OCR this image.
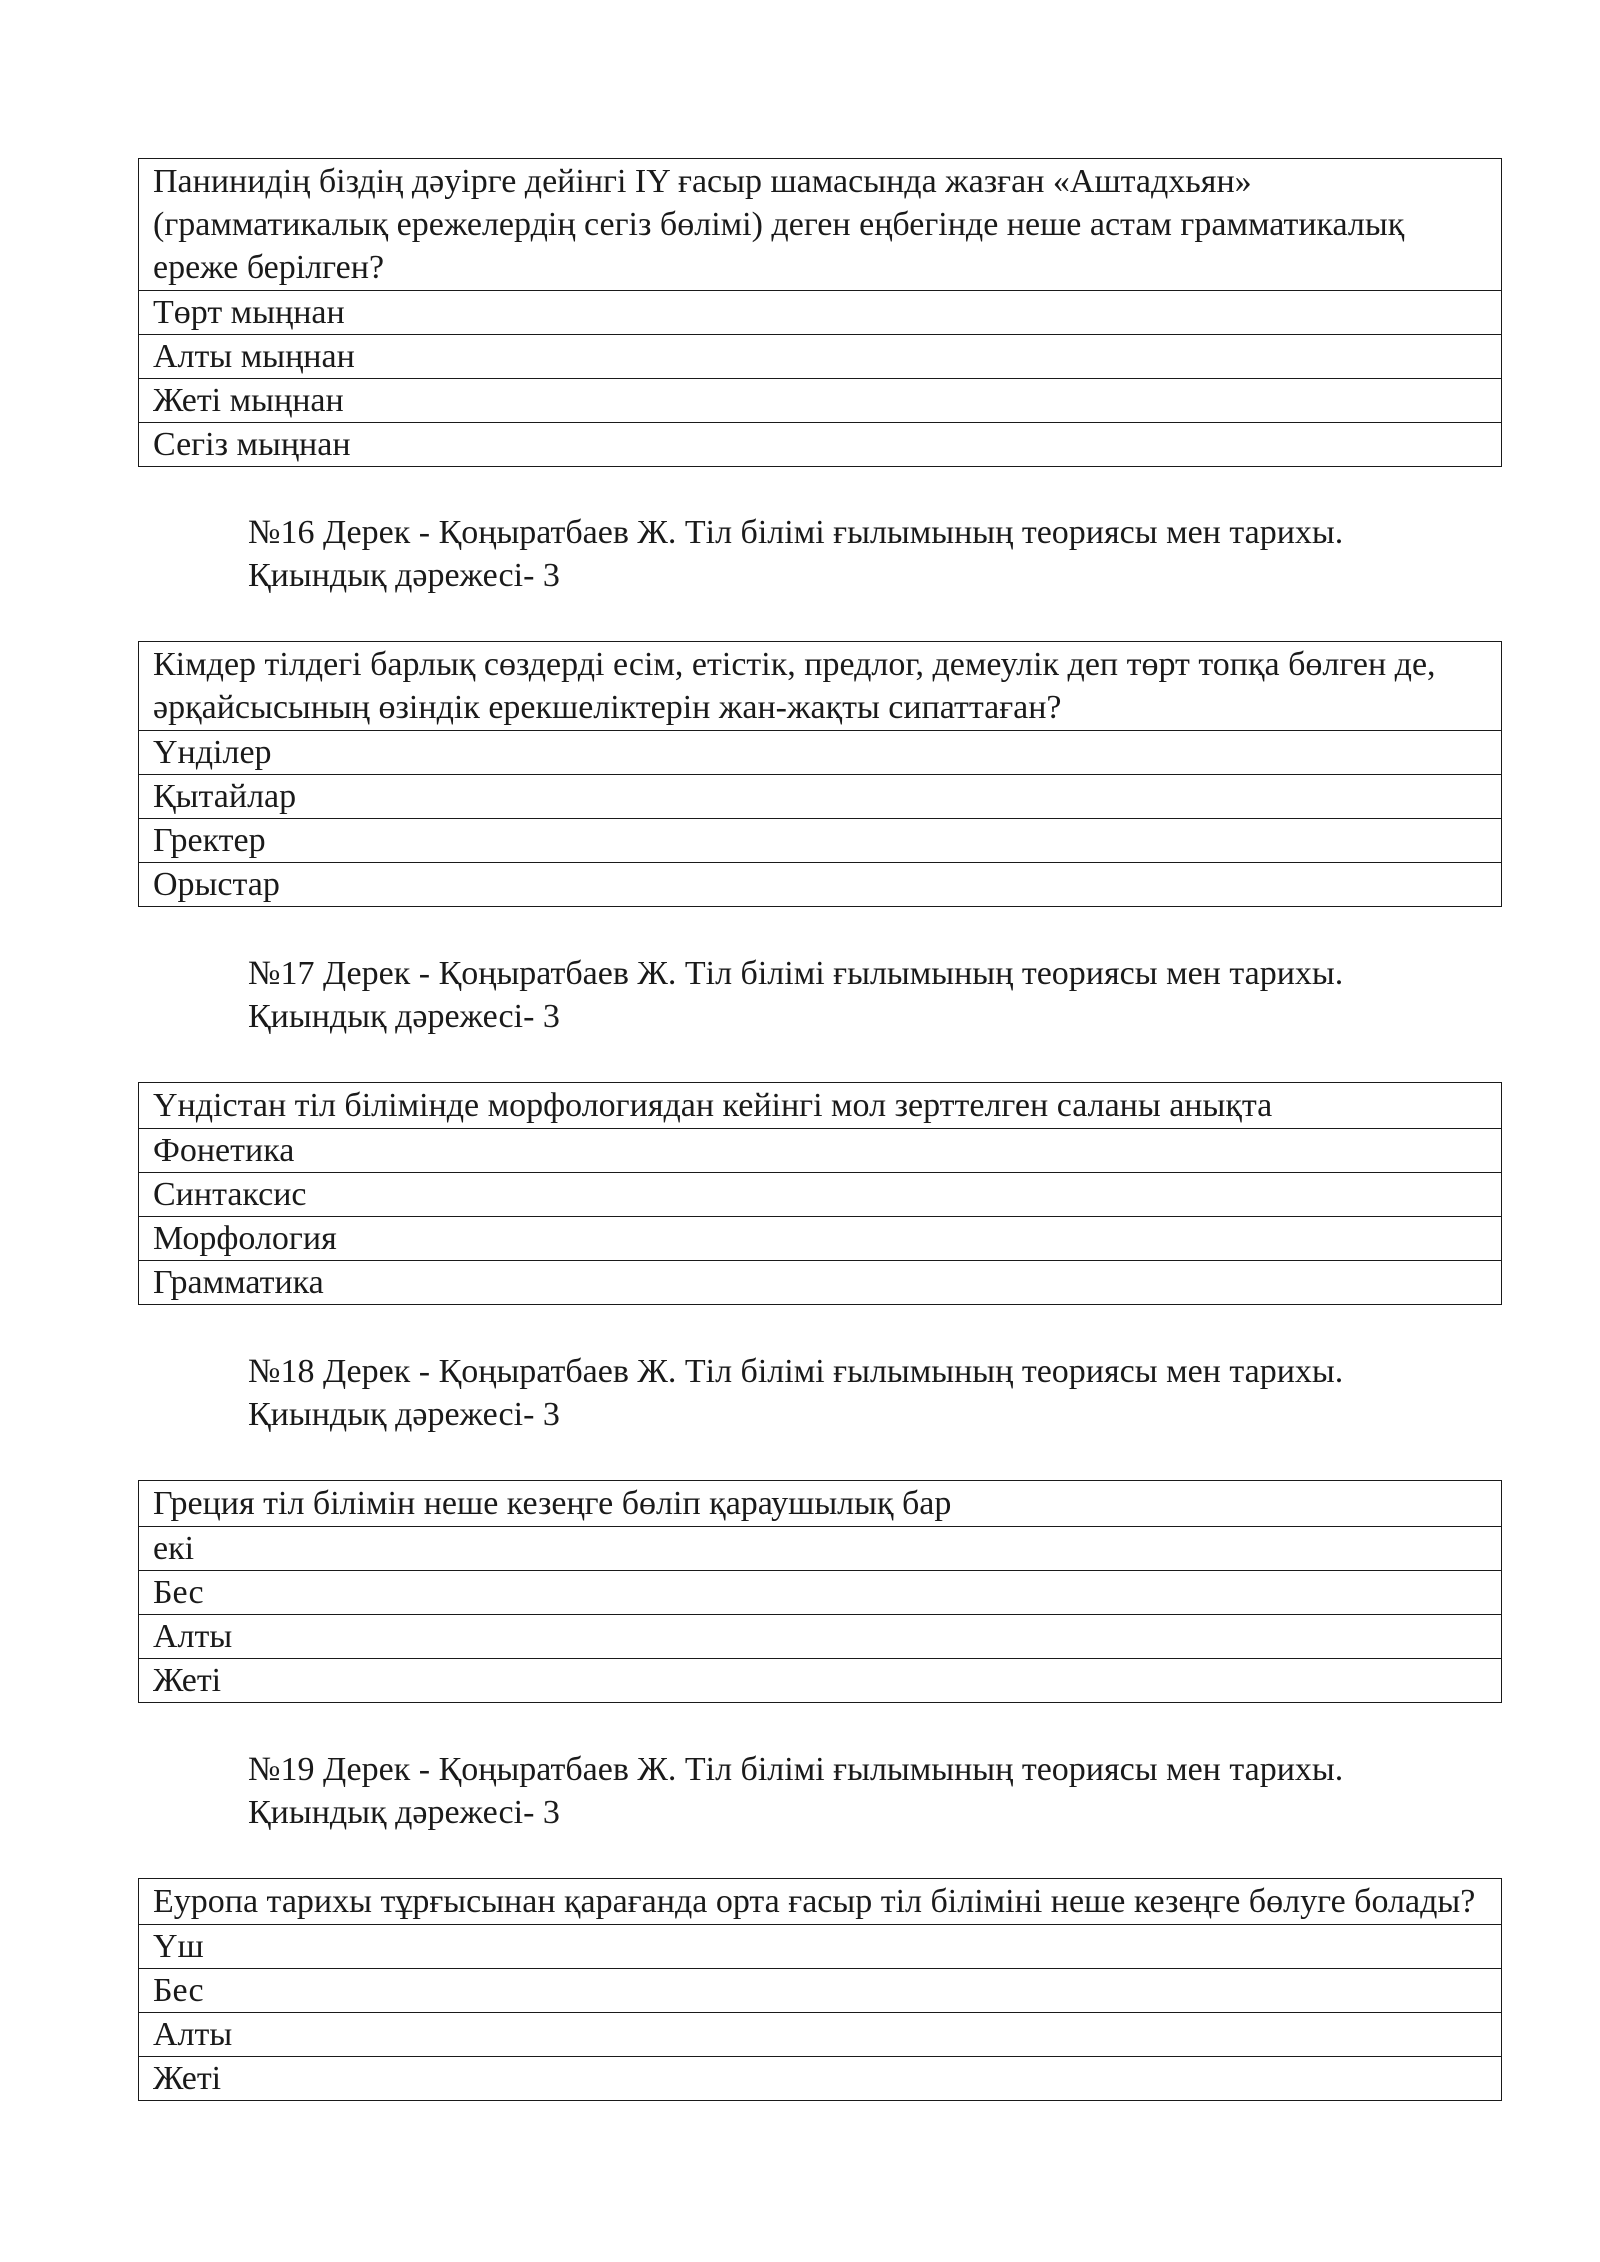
Панинидің біздің дәуірге дейінгі IY ғасыр шамасында жазған «Аштадхьян» (грамматикалық ережелердің сегіз бөлімі) деген еңбегінде неше астам грамматикалық ереже берілген?
Төрт мыңнан
Алты мыңнан
Жеті мыңнан
Сегіз мыңнан
№16 Дерек - Қоңыратбаев Ж. Тіл білімі ғылымының теориясы мен тарихы.
Қиындық дәрежесі- 3
Кімдер тілдегі барлық сөздерді есім, етістік, предлог, демеулік деп төрт топқа бөлген де, әрқайсысының өзіндік ерекшеліктерін жан-жақты сипаттаған?
Үнділер
Қытайлар
Гректер
Орыстар
№17 Дерек - Қоңыратбаев Ж. Тіл білімі ғылымының теориясы мен тарихы.
Қиындық дәрежесі- 3
Үндістан тіл білімінде морфологиядан кейінгі мол зерттелген саланы анықта
Фонетика
Синтаксис
Морфология
Грамматика
№18 Дерек - Қоңыратбаев Ж. Тіл білімі ғылымының теориясы мен тарихы.
Қиындық дәрежесі- 3
Греция тіл білімін неше кезеңге бөліп қараушылық бар
екі
Бес
Алты
Жеті
№19 Дерек - Қоңыратбаев Ж. Тіл білімі ғылымының теориясы мен тарихы.
Қиындық дәрежесі- 3
Еуропа тарихы тұрғысынан қарағанда орта ғасыр тіл біліміні неше кезеңге бөлуге болады?
Үш
Бес
Алты
Жеті
